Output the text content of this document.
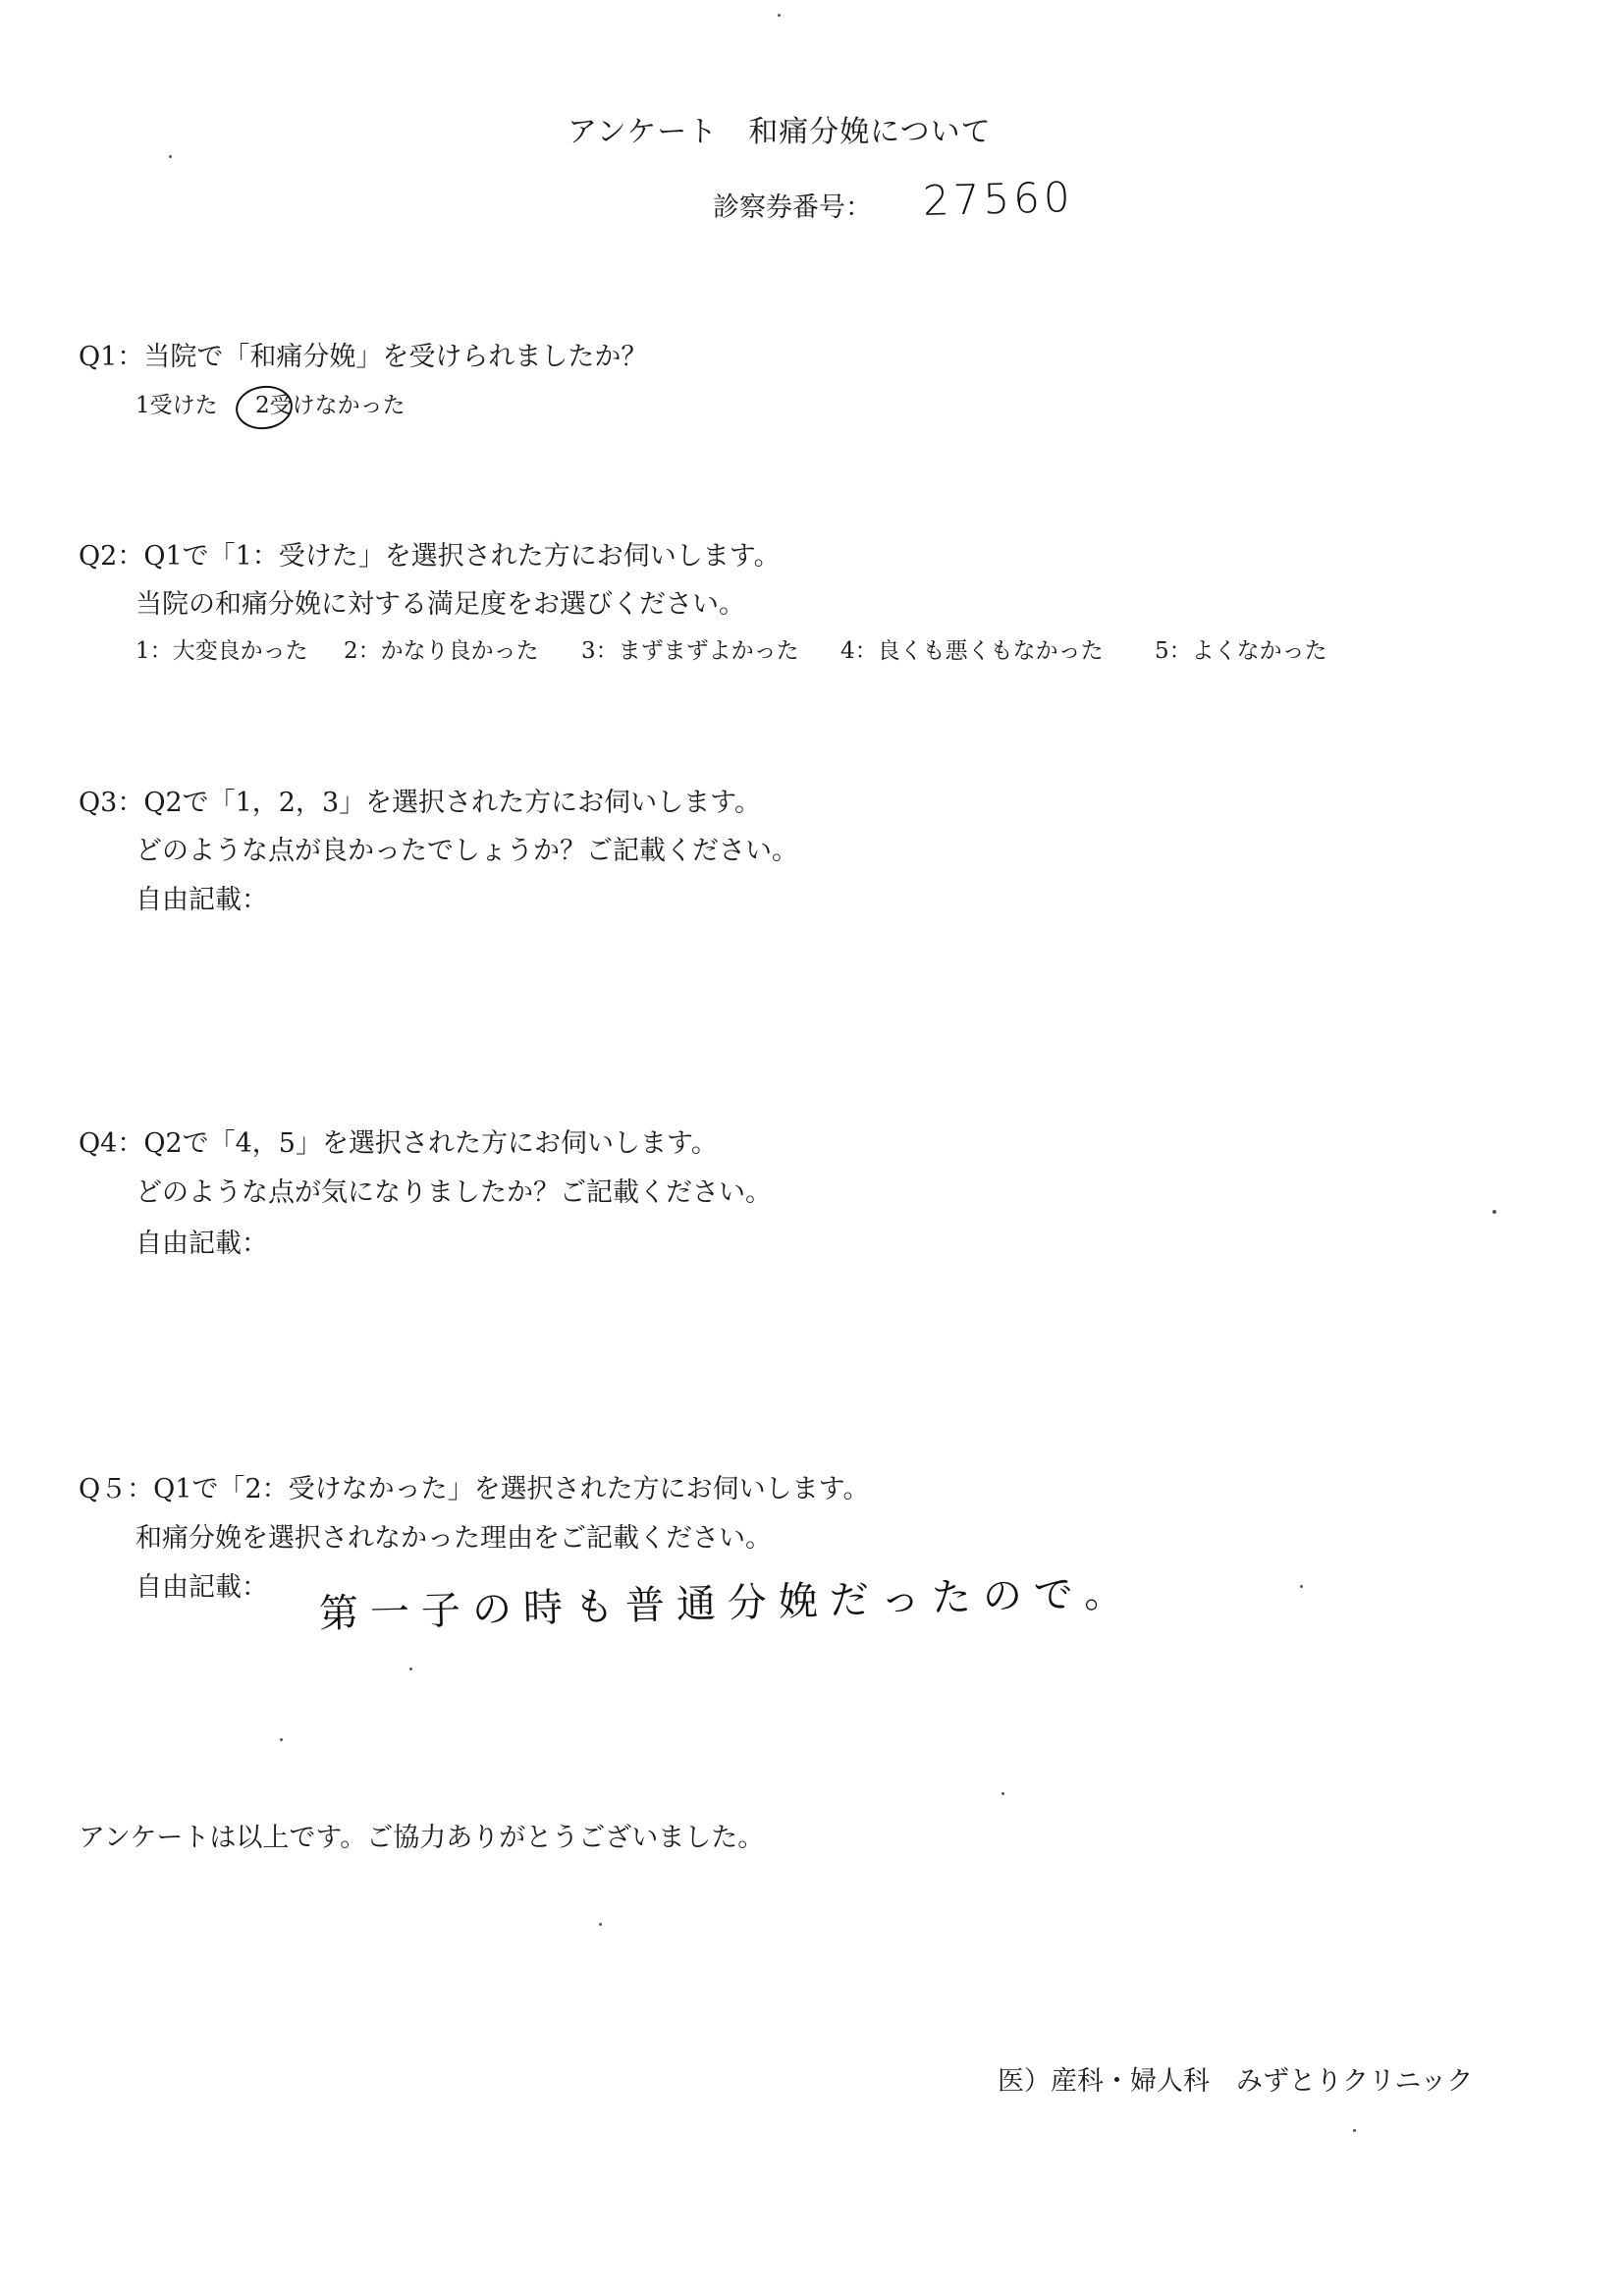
アンケート　和痛分娩について
診察券番号： 27560
Q1：当院で「和痛分娩」を受けられましたか？
1受けた 2受けなかった
Q2：Q1で「1：受けた」を選択された方にお伺いします。
当院の和痛分娩に対する満足度をお選びください。
1：大変良かった 2：かなり良かった 3：まずまずよかった 4：良くも悪くもなかった 5：よくなかった
Q3：Q2で「1，2，3」を選択された方にお伺いします。
どのような点が良かったでしょうか？ご記載ください。
自由記載：
Q4：Q2で「4，5」を選択された方にお伺いします。
どのような点が気になりましたか？ご記載ください。
自由記載：
Q５：Q1で「2：受けなかった」を選択された方にお伺いします。
和痛分娩を選択されなかった理由をご記載ください。
自由記載： 第一子の時も普通分娩だったので。
アンケートは以上です。ご協力ありがとうございました。
医）産科・婦人科　みずとりクリニック
